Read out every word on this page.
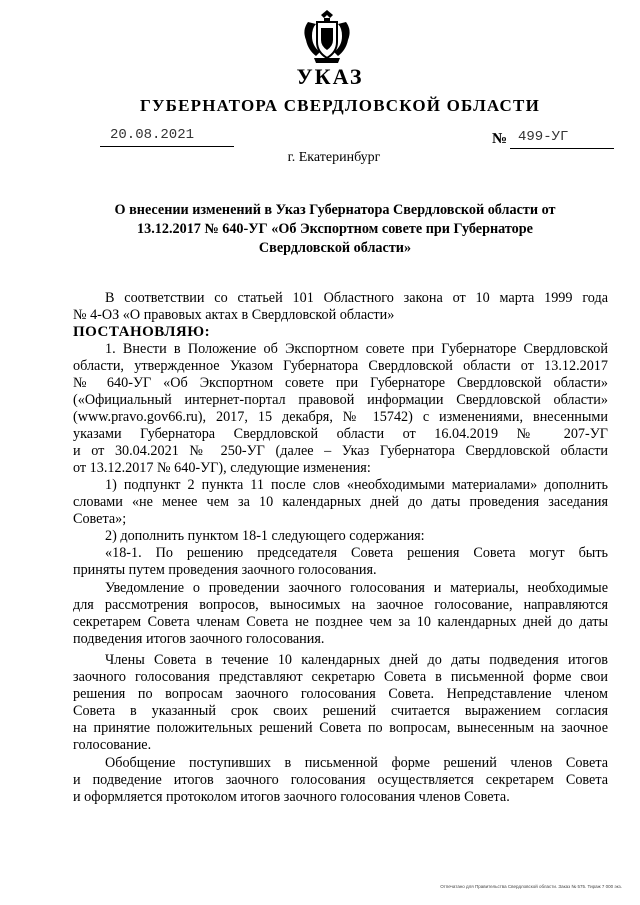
УКАЗ
ГУБЕРНАТОРА СВЕРДЛОВСКОЙ ОБЛАСТИ
20.08.2021	№ 499-УГ
г. Екатеринбург
О внесении изменений в Указ Губернатора Свердловской области от 13.12.2017 № 640-УГ «Об Экспортном совете при Губернаторе Свердловской области»
В соответствии со статьей 101 Областного закона от 10 марта 1999 года
№ 4-ОЗ «О правовых актах в Свердловской области»
ПОСТАНОВЛЯЮ:
1. Внести в Положение об Экспортном совете при Губернаторе Свердловской
области, утвержденное Указом Губернатора Свердловской области от 13.12.2017
№ 640-УГ «Об Экспортном совете при Губернаторе Свердловской области»
(«Официальный интернет-портал правовой информации Свердловской области»
(www.pravo.gov66.ru), 2017, 15 декабря, № 15742) с изменениями, внесенными
указами Губернатора Свердловской области от 16.04.2019 № 207-УГ
и от 30.04.2021 № 250-УГ (далее – Указ Губернатора Свердловской области
от 13.12.2017 № 640-УГ), следующие изменения:
1) подпункт 2 пункта 11 после слов «необходимыми материалами» дополнить
словами «не менее чем за 10 календарных дней до даты проведения заседания
Совета»;
2) дополнить пунктом 18-1 следующего содержания:
«18-1. По решению председателя Совета решения Совета могут быть
приняты путем проведения заочного голосования.
Уведомление о проведении заочного голосования и материалы, необходимые
для рассмотрения вопросов, выносимых на заочное голосование, направляются
секретарем Совета членам Совета не позднее чем за 10 календарных дней до даты
подведения итогов заочного голосования.
Члены Совета в течение 10 календарных дней до даты подведения итогов
заочного голосования представляют секретарю Совета в письменной форме свои
решения по вопросам заочного голосования Совета. Непредставление членом
Совета в указанный срок своих решений считается выражением согласия
на принятие положительных решений Совета по вопросам, вынесенным на заочное
голосование.
Обобщение поступивших в письменной форме решений членов Совета
и подведение итогов заочного голосования осуществляется секретарем Совета
и оформляется протоколом итогов заочного голосования членов Совета.
Отпечатано для Правительства Свердловской области. Заказ № 575. Тираж 7 000 экз.
